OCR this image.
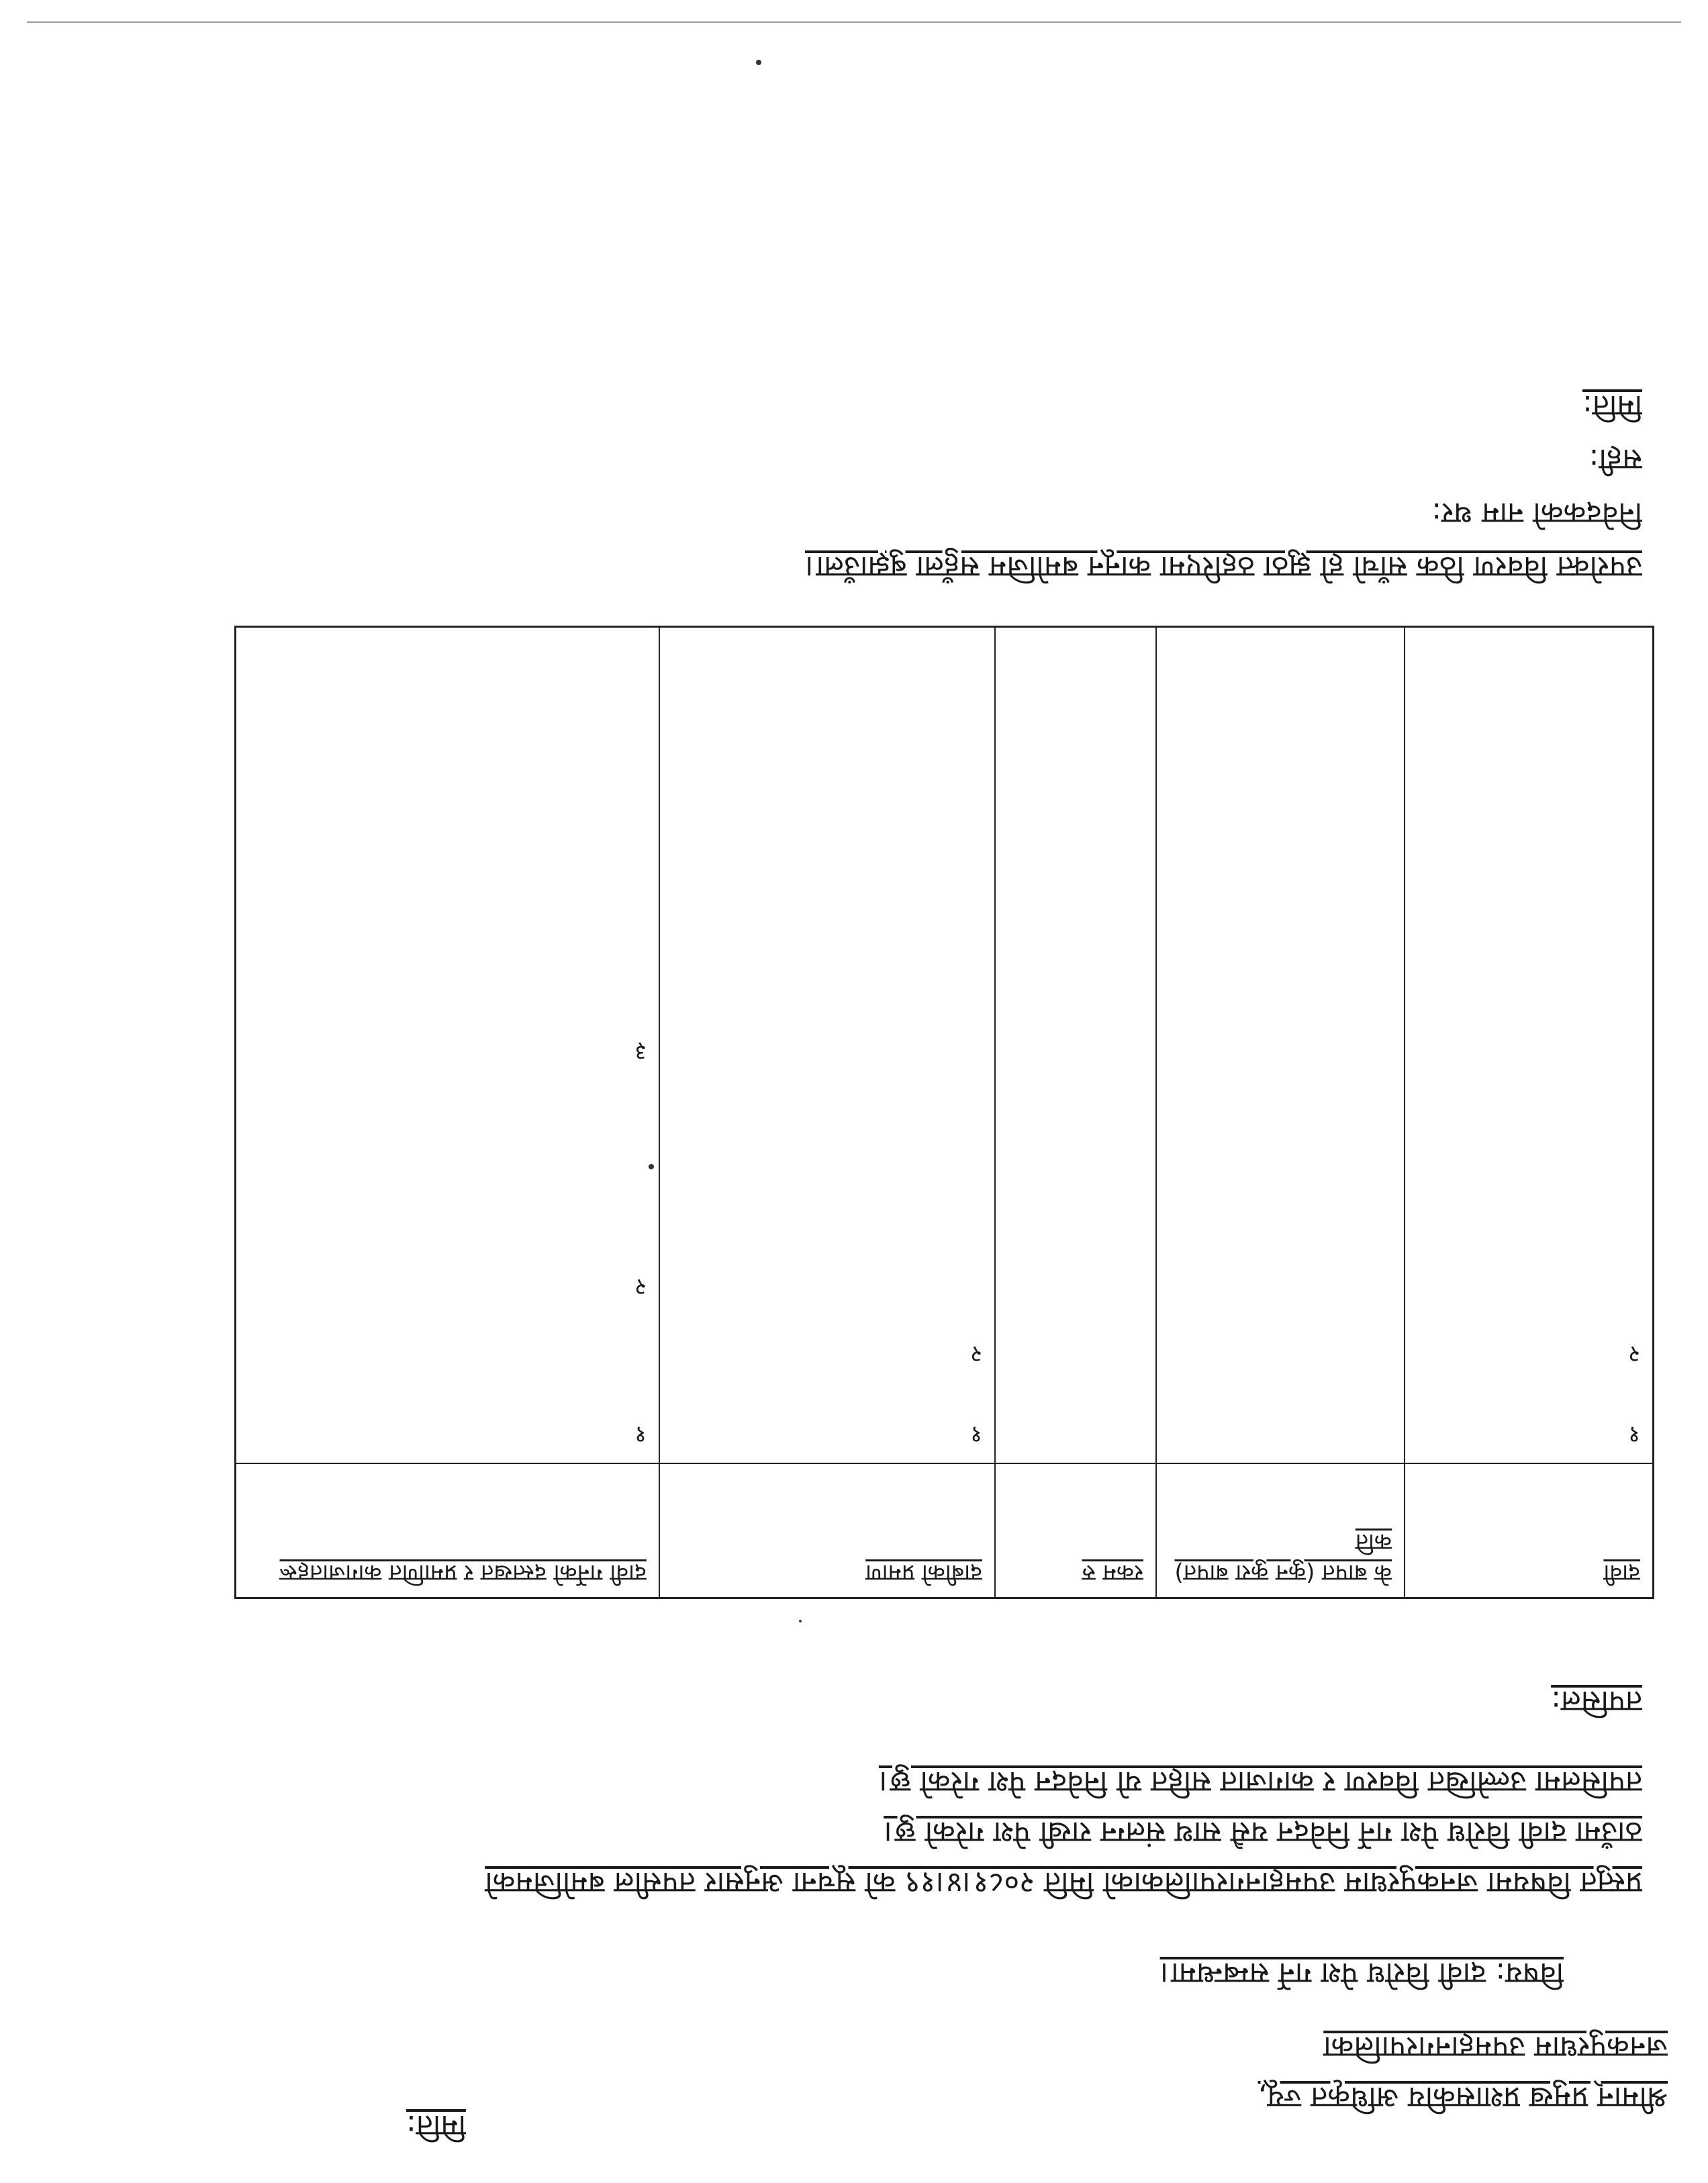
मिति:
श्रीमान् प्रमुख प्रशासकीय अधिकृत ज्यू,
जनकपुरधाम उपमहानगरपालिका
विषय: दावी विरोध पेश गर्ने सम्बन्धमा।
प्रस्तुत विषयमा जनकपुरधाम उपमहानगरपालिकाको मिति २०८१।४।१९ को सूचना अनुसार तपसील बमोजिमको
ठाउँमा दावी विरोध पेश गर्ने निवेदन यसै साथ संलग्न राखी पेश गरेको छु।
तपसिलमा उल्लेखित विवरण र कागजात सहित यो निवेदन पेश गरेको छु।
तपसिल:
दावी
के बापत (कुन कुरा बापत) कति
रकम रु
दाबीको प्रमाण
दावी गर्नेको दस्तखत र प्रमाणित कागजातहरू
१
२
१
२
१
२
३
उपरोक्त विवरण ठिक साँचो हो झुठा ठहरिएमा कानून बमोजिम सहुँला बुझाउँला।
निवेदकको नाम थर:
सही:
मिति:
